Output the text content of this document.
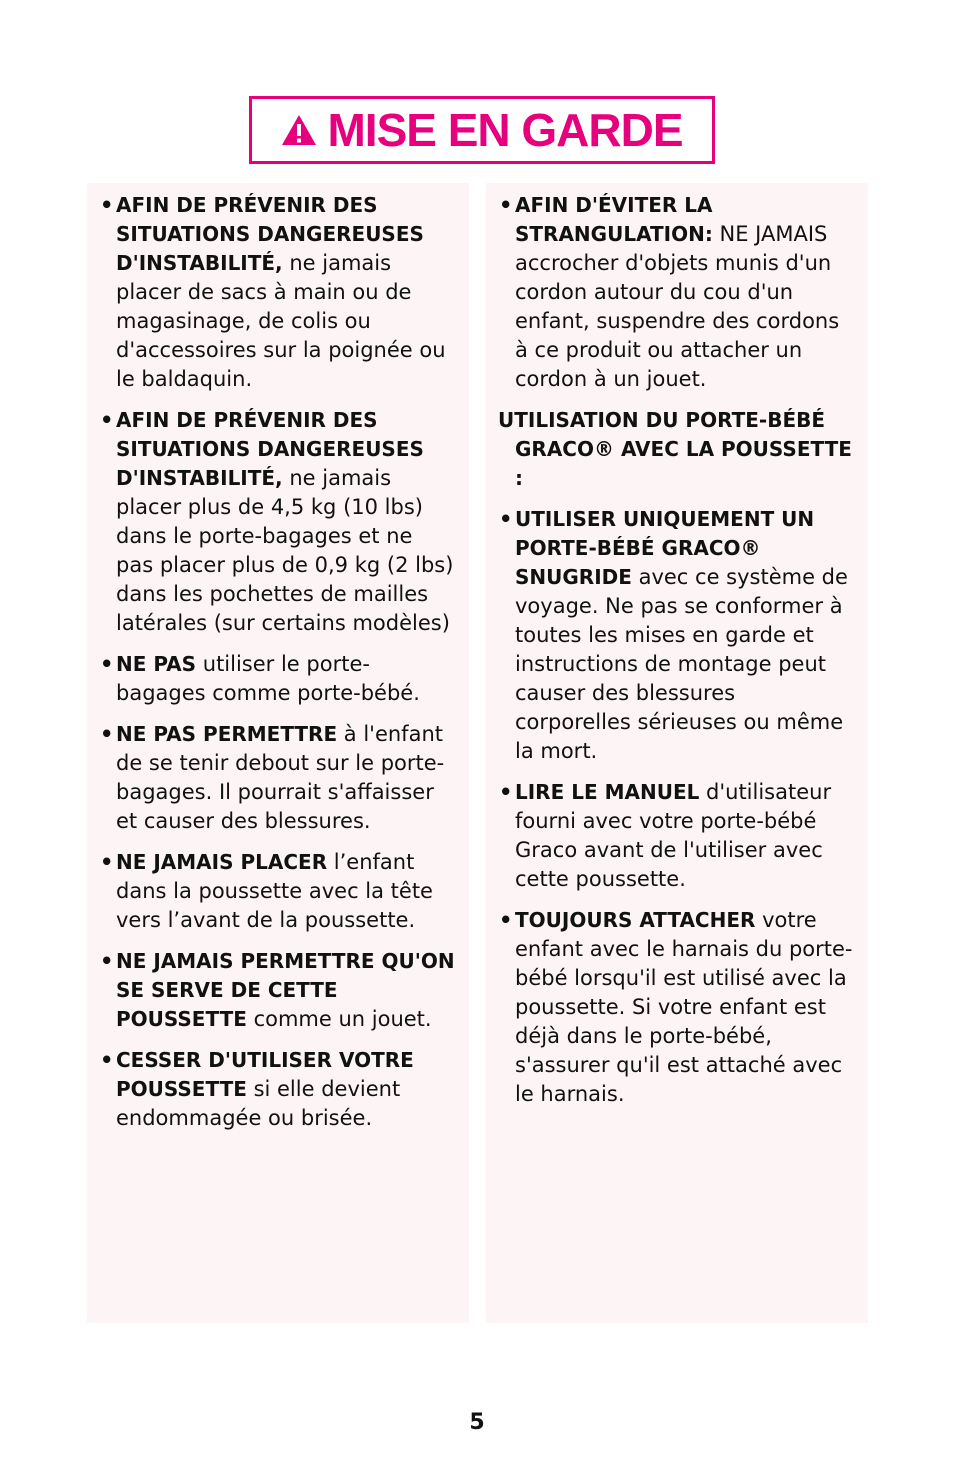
MISE EN GARDE

• AFIN DE PRÉVENIR DES SITUATIONS DANGEREUSES D'INSTABILITÉ, ne jamais placer de sacs à main ou de magasinage, de colis ou d'accessoires sur la poignée ou le baldaquin.

• AFIN DE PRÉVENIR DES SITUATIONS DANGEREUSES D'INSTABILITÉ, ne jamais placer plus de 4,5 kg (10 lbs) dans le porte-bagages et ne pas placer plus de 0,9 kg (2 lbs) dans les pochettes de mailles latérales (sur certains modèles)

• NE PAS utiliser le porte-bagages comme porte-bébé.

• NE PAS PERMETTRE à l'enfant de se tenir debout sur le porte-bagages. Il pourrait s'affaisser et causer des blessures.

• NE JAMAIS PLACER l’enfant dans la poussette avec la tête vers l’avant de la poussette.

• NE JAMAIS PERMETTRE QU'ON SE SERVE DE CETTE POUSSETTE comme un jouet.

• CESSER D'UTILISER VOTRE POUSSETTE si elle devient endommagée ou brisée.

• AFIN D'ÉVITER LA STRANGULATION: NE JAMAIS accrocher d'objets munis d'un cordon autour du cou d'un enfant, suspendre des cordons à ce produit ou attacher un cordon à un jouet.

UTILISATION DU PORTE-BÉBÉ GRACO® AVEC LA POUSSETTE :

• UTILISER UNIQUEMENT UN PORTE-BÉBÉ GRACO® SNUGRIDE avec ce système de voyage. Ne pas se conformer à toutes les mises en garde et instructions de montage peut causer des blessures corporelles sérieuses ou même la mort.

• LIRE LE MANUEL d'utilisateur fourni avec votre porte-bébé Graco avant de l'utiliser avec cette poussette.

• TOUJOURS ATTACHER votre enfant avec le harnais du porte-bébé lorsqu'il est utilisé avec la poussette. Si votre enfant est déjà dans le porte-bébé, s'assurer qu'il est attaché avec le harnais.

5
